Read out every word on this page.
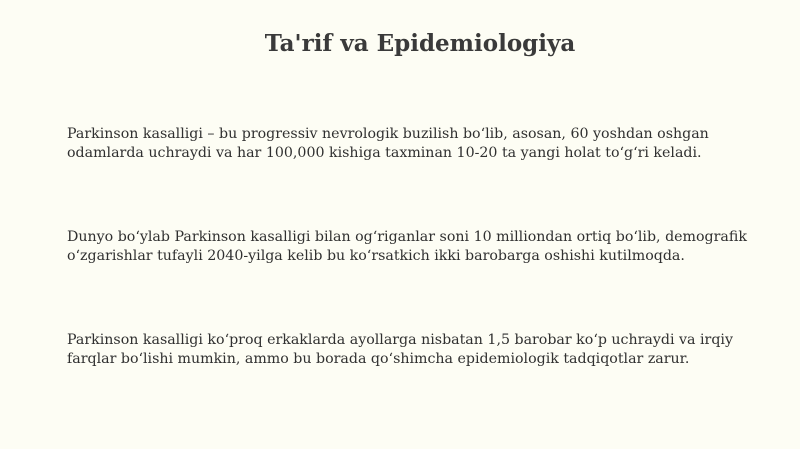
Ta'rif va Epidemiologiya
Parkinson kasalligi – bu progressiv nevrologik buzilish bo‘lib, asosan, 60 yoshdan oshgan odamlarda uchraydi va har 100,000 kishiga taxminan 10-20 ta yangi holat to‘g‘ri keladi.
Dunyo bo‘ylab Parkinson kasalligi bilan og‘riganlar soni 10 milliondan ortiq bo‘lib, demografik o‘zgarishlar tufayli 2040-yilga kelib bu ko‘rsatkich ikki barobarga oshishi kutilmoqda.
Parkinson kasalligi ko‘proq erkaklarda ayollarga nisbatan 1,5 barobar ko‘p uchraydi va irqiy farqlar bo‘lishi mumkin, ammo bu borada qo‘shimcha epidemiologik tadqiqotlar zarur.
